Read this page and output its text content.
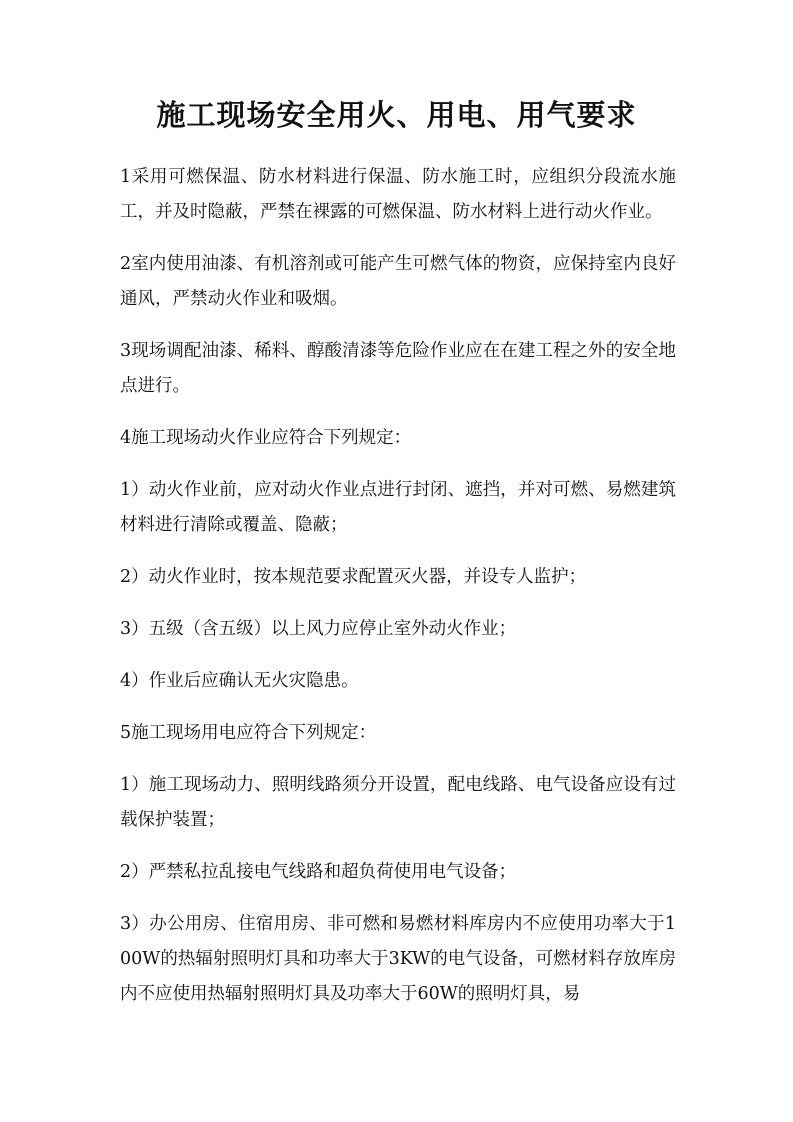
施工现场安全用火、用电、用气要求

1采用可燃保温、防水材料进行保温、防水施工时，应组织分段流水施工，并及时隐蔽，严禁在裸露的可燃保温、防水材料上进行动火作业。

2室内使用油漆、有机溶剂或可能产生可燃气体的物资，应保持室内良好通风，严禁动火作业和吸烟。

3现场调配油漆、稀料、醇酸清漆等危险作业应在在建工程之外的安全地点进行。

4施工现场动火作业应符合下列规定：

1）动火作业前，应对动火作业点进行封闭、遮挡，并对可燃、易燃建筑材料进行清除或覆盖、隐蔽；

2）动火作业时，按本规范要求配置灭火器，并设专人监护；

3）五级（含五级）以上风力应停止室外动火作业；

4）作业后应确认无火灾隐患。

5施工现场用电应符合下列规定：

1）施工现场动力、照明线路须分开设置，配电线路、电气设备应设有过载保护装置；

2）严禁私拉乱接电气线路和超负荷使用电气设备；

3）办公用房、住宿用房、非可燃和易燃材料库房内不应使用功率大于100W的热辐射照明灯具和功率大于3KW的电气设备，可燃材料存放库房内不应使用热辐射照明灯具及功率大于60W的照明灯具，易
